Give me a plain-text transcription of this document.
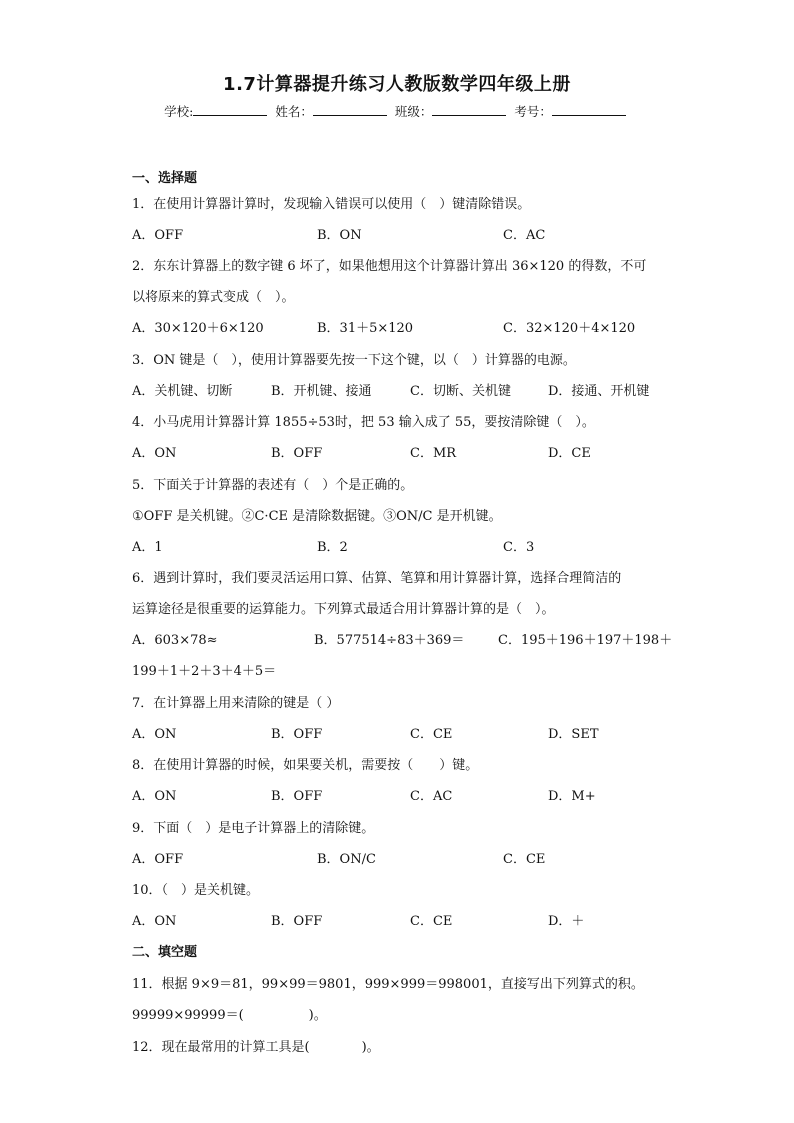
1.7计算器提升练习人教版数学四年级上册
学校:	姓名：	班级：	考号：
一、选择题
1．在使用计算器计算时，发现输入错误可以使用（　）键清除错误。
A．OFF	B．ON	C．AC
2．东东计算器上的数字键 6 坏了，如果他想用这个计算器计算出 36×120 的得数，不可
以将原来的算式变成（　）。
A．30×120＋6×120	B．31＋5×120	C．32×120＋4×120
3．ON 键是（　），使用计算器要先按一下这个键，以（　）计算器的电源。
A．关机键、切断	B．开机键、接通	C．切断、关机键	D．接通、开机键
4．小马虎用计算器计算 1855÷53时，把 53 输入成了 55，要按清除键（　）。
A．ON	B．OFF	C．MR	D．CE
5．下面关于计算器的表述有（　）个是正确的。
①OFF 是关机键。②C·CE 是清除数据键。③ON/C 是开机键。
A．1	B．2	C．3
6．遇到计算时，我们要灵活运用口算、估算、笔算和用计算器计算，选择合理简洁的
运算途径是很重要的运算能力。下列算式最适合用计算器计算的是（　）。
A．603×78≈	B．577514÷83＋369＝	C．195＋196＋197＋198＋
199＋1＋2＋3＋4＋5＝
7．在计算器上用来清除的键是（ ）
A．ON	B．OFF	C．CE	D．SET
8．在使用计算器的时候，如果要关机，需要按（　　）键。
A．ON	B．OFF	C．AC	D．M+
9．下面（　）是电子计算器上的清除键。
A．OFF	B．ON/C	C．CE
10．（　）是关机键。
A．ON	B．OFF	C．CE	D．＋
二、填空题
11．根据 9×9＝81，99×99＝9801，999×999＝998001，直接写出下列算式的积。
99999×99999＝(　　　　　)。
12．现在最常用的计算工具是(　　　　)。
